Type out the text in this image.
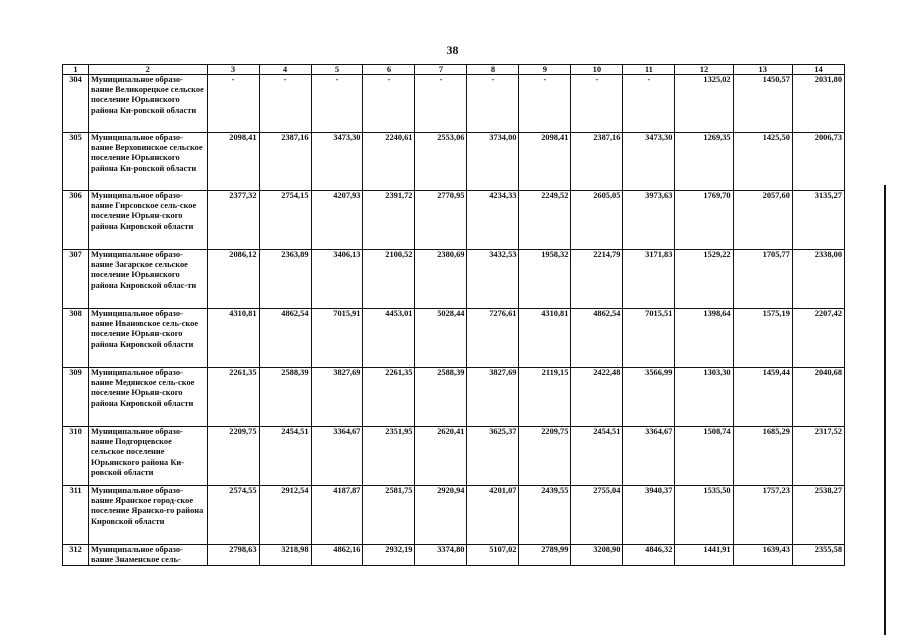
38
1	2	3	4	5	6	7	8	9	10	11	12	13	14
304	Муниципальное образо-вание Великорецкое сельское поселение Юрьянского района Ки-ровской области	-	-	-	-	-	-	-	-	-	1325,02	1450,57	2031,80
305	Муниципальное образо-вание Верховинское сельское поселение Юрьянского района Ки-ровской области	2098,41	2387,16	3473,30	2240,61	2553,06	3734,00	2098,41	2387,16	3473,30	1269,35	1425,50	2006,73
306	Муниципальное образо-вание Гирсовское сель-ское поселение Юрьян-ского района Кировской области	2377,32	2754,15	4207,93	2391,72	2770,95	4234,33	2249,52	2605,05	3973,63	1769,70	2057,60	3135,27
307	Муниципальное образо-вание Загарское сельское поселение Юрьянского района Кировской облас-ти	2086,12	2363,89	3406,13	2100,52	2380,69	3432,53	1958,32	2214,79	3171,83	1529,22	1705,77	2338,00
308	Муниципальное образо-вание Ивановское сель-ское поселение Юрьян-ского района Кировской области	4310,81	4862,54	7015,91	4453,01	5028,44	7276,61	4310,81	4862,54	7015,51	1398,64	1575,19	2207,42
309	Муниципальное образо-вание Медянское сель-ское поселение Юрьян-ского района Кировской области	2261,35	2588,39	3827,69	2261,35	2588,39	3827,69	2119,15	2422,48	3566,99	1303,30	1459,44	2040,68
310	Муниципальное образо-вание Подгорцевское сельское поселение Юрьянского района Ки-ровской области	2209,75	2454,51	3364,67	2351,95	2620,41	3625,37	2209,75	2454,51	3364,67	1508,74	1685,29	2317,52
311	Муниципальное образо-вание Яранское город-ское поселение Яранско-го района Кировской области	2574,55	2912,54	4187,87	2581,75	2920,94	4201,07	2439,55	2755,04	3940,37	1535,50	1757,23	2538,27
312	Муниципальное образо-вание Знаменское сель-	2798,63	3218,98	4862,16	2932,19	3374,80	5107,02	2789,99	3208,90	4846,32	1441,91	1639,43	2355,58
